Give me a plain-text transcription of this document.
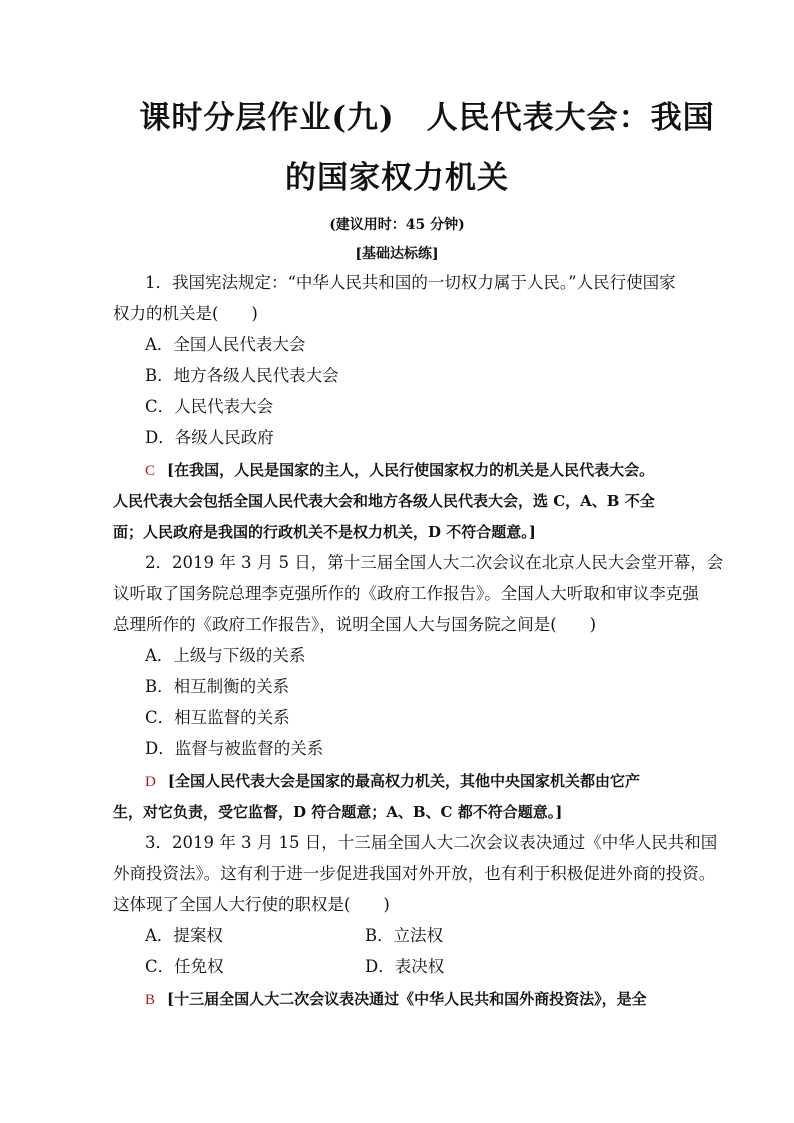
课时分层作业(九)　人民代表大会：我国
的国家权力机关
(建议用时：45 分钟)
[基础达标练]
1．我国宪法规定：“中华人民共和国的一切权力属于人民。”人民行使国家
权力的机关是(　　)
A．全国人民代表大会
B．地方各级人民代表大会
C．人民代表大会
D．各级人民政府
C [在我国，人民是国家的主人，人民行使国家权力的机关是人民代表大会。
人民代表大会包括全国人民代表大会和地方各级人民代表大会，选 C，A、B 不全
面；人民政府是我国的行政机关不是权力机关，D 不符合题意。]
2．2019 年 3 月 5 日，第十三届全国人大二次会议在北京人民大会堂开幕，会
议听取了国务院总理李克强所作的《政府工作报告》。全国人大听取和审议李克强
总理所作的《政府工作报告》，说明全国人大与国务院之间是(　　)
A．上级与下级的关系
B．相互制衡的关系
C．相互监督的关系
D．监督与被监督的关系
D [全国人民代表大会是国家的最高权力机关，其他中央国家机关都由它产
生，对它负责，受它监督，D 符合题意；A、B、C 都不符合题意。]
3．2019 年 3 月 15 日，十三届全国人大二次会议表决通过《中华人民共和国
外商投资法》。这有利于进一步促进我国对外开放，也有利于积极促进外商的投资。
这体现了全国人大行使的职权是(　　)
A．提案权	B．立法权
C．任免权	D．表决权
B [十三届全国人大二次会议表决通过《中华人民共和国外商投资法》，是全
